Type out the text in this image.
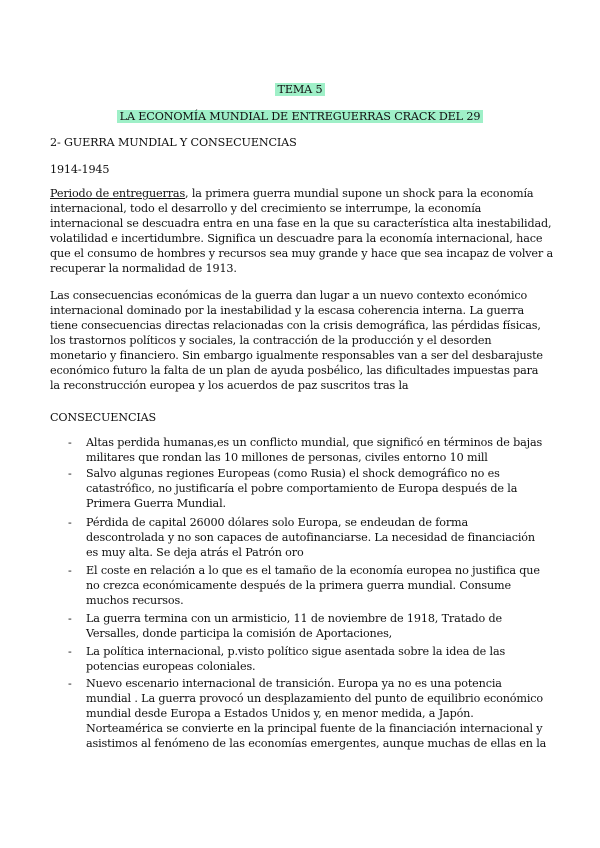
TEMA 5
LA ECONOMÍA MUNDIAL DE ENTREGUERRAS CRACK DEL 29
2- GUERRA MUNDIAL Y CONSECUENCIAS
1914-1945
Periodo de entreguerras, la primera guerra mundial supone un shock para la economía
internacional, todo el desarrollo y del crecimiento se interrumpe, la economía
internacional se descuadra entra en una fase en la que su característica alta inestabilidad,
volatilidad e incertidumbre. Significa un descuadre para la economía internacional, hace
que el consumo de hombres y recursos sea muy grande y hace que sea incapaz de volver a
recuperar la normalidad de 1913.
Las consecuencias económicas de la guerra dan lugar a un nuevo contexto económico
internacional dominado por la inestabilidad y la escasa coherencia interna. La guerra
tiene consecuencias directas relacionadas con la crisis demográfica, las pérdidas físicas,
los trastornos políticos y sociales, la contracción de la producción y el desorden
monetario y financiero. Sin embargo igualmente responsables van a ser del desbarajuste
económico futuro la falta de un plan de ayuda posbélico, las dificultades impuestas para
la reconstrucción europea y los acuerdos de paz suscritos tras la
CONSECUENCIAS
- Altas perdida humanas,es un conflicto mundial, que significó en términos de bajas
militares que rondan las 10 millones de personas, civiles entorno 10 mill
- Salvo algunas regiones Europeas (como Rusia) el shock demográfico no es
catastrófico, no justificaría el pobre comportamiento de Europa después de la
Primera Guerra Mundial.
- Pérdida de capital 26000 dólares solo Europa, se endeudan de forma
descontrolada y no son capaces de autofinanciarse. La necesidad de financiación
es muy alta. Se deja atrás el Patrón oro
- El coste en relación a lo que es el tamaño de la economía europea no justifica que
no crezca económicamente después de la primera guerra mundial. Consume
muchos recursos.
- La guerra termina con un armisticio, 11 de noviembre de 1918, Tratado de
Versalles, donde participa la comisión de Aportaciones,
- La política internacional, p.visto político sigue asentada sobre la idea de las
potencias europeas coloniales.
- Nuevo escenario internacional de transición. Europa ya no es una potencia
mundial . La guerra provocó un desplazamiento del punto de equilibrio económico
mundial desde Europa a Estados Unidos y, en menor medida, a Japón.
Norteamérica se convierte en la principal fuente de la financiación internacional y
asistimos al fenómeno de las economías emergentes, aunque muchas de ellas en la
